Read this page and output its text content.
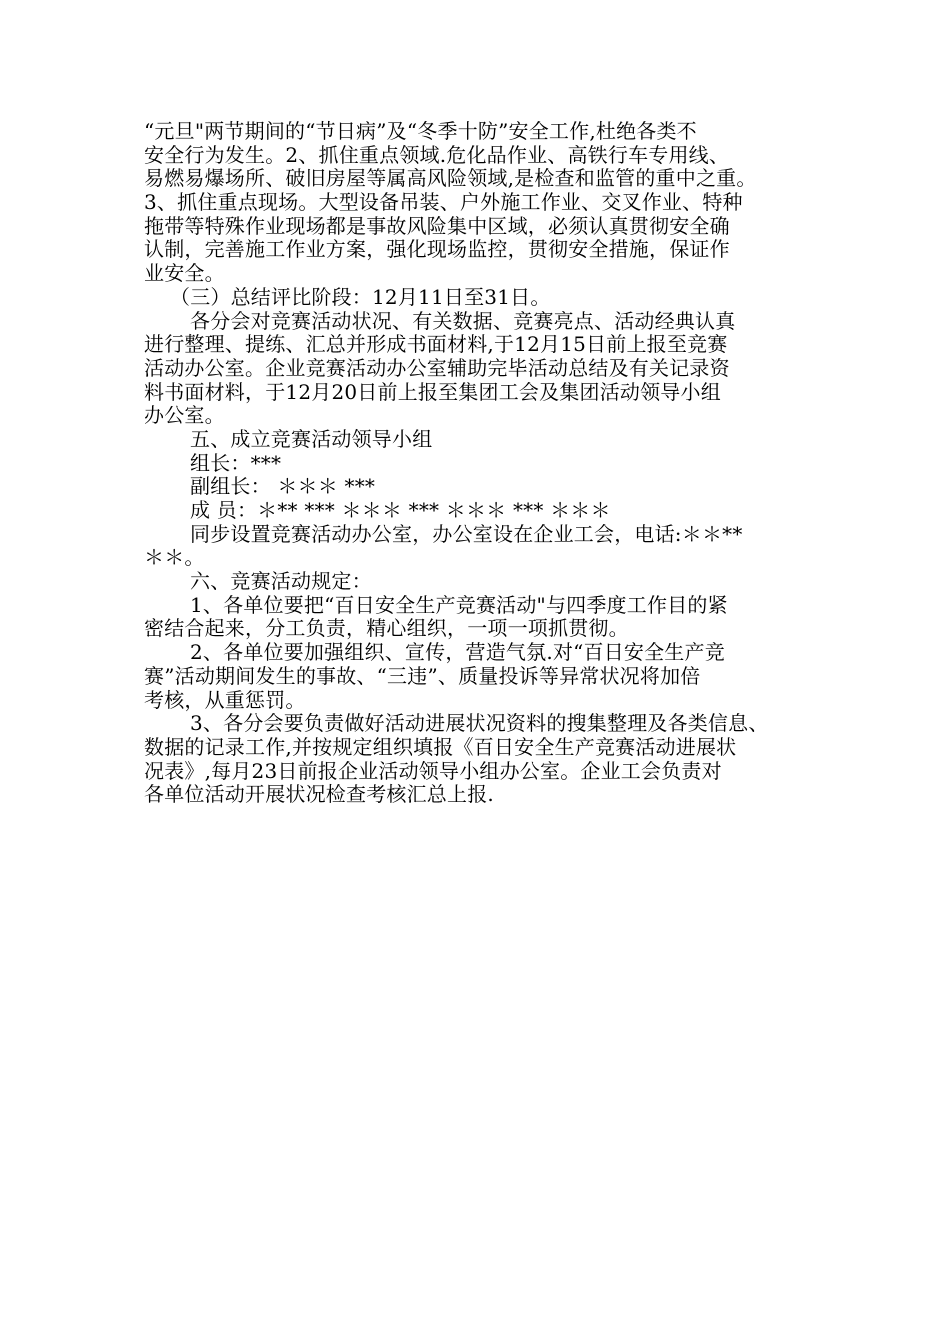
“元旦"两节期间的“节日病”及“冬季十防”安全工作,杜绝各类不
安全行为发生。2、抓住重点领域.危化品作业、高铁行车专用线、
易燃易爆场所、破旧房屋等属高风险领域,是检查和监管的重中之重。
3、抓住重点现场。大型设备吊装、户外施工作业、交叉作业、特种
拖带等特殊作业现场都是事故风险集中区域，必须认真贯彻安全确
认制，完善施工作业方案，强化现场监控，贯彻安全措施，保证作
业安全。
（三）总结评比阶段：12月11日至31日。
各分会对竞赛活动状况、有关数据、竞赛亮点、活动经典认真
进行整理、提练、汇总并形成书面材料,于12月15日前上报至竞赛
活动办公室。企业竞赛活动办公室辅助完毕活动总结及有关记录资
料书面材料，于12月20日前上报至集团工会及集团活动领导小组
办公室。
五、成立竞赛活动领导小组
组长：***
副组长： ＊＊＊ ***
成 员：＊** *** ＊＊＊ *** ＊＊＊ *** ＊＊＊
同步设置竞赛活动办公室，办公室设在企业工会，电话:＊＊**
＊＊。
六、竞赛活动规定：
1、各单位要把“百日安全生产竞赛活动"与四季度工作目的紧
密结合起来，分工负责，精心组织，一项一项抓贯彻。
2、各单位要加强组织、宣传，营造气氛.对“百日安全生产竞
赛”活动期间发生的事故、“三违”、质量投诉等异常状况将加倍
考核，从重惩罚。
3、各分会要负责做好活动进展状况资料的搜集整理及各类信息、
数据的记录工作,并按规定组织填报《百日安全生产竞赛活动进展状
况表》,每月23日前报企业活动领导小组办公室。企业工会负责对
各单位活动开展状况检查考核汇总上报.
